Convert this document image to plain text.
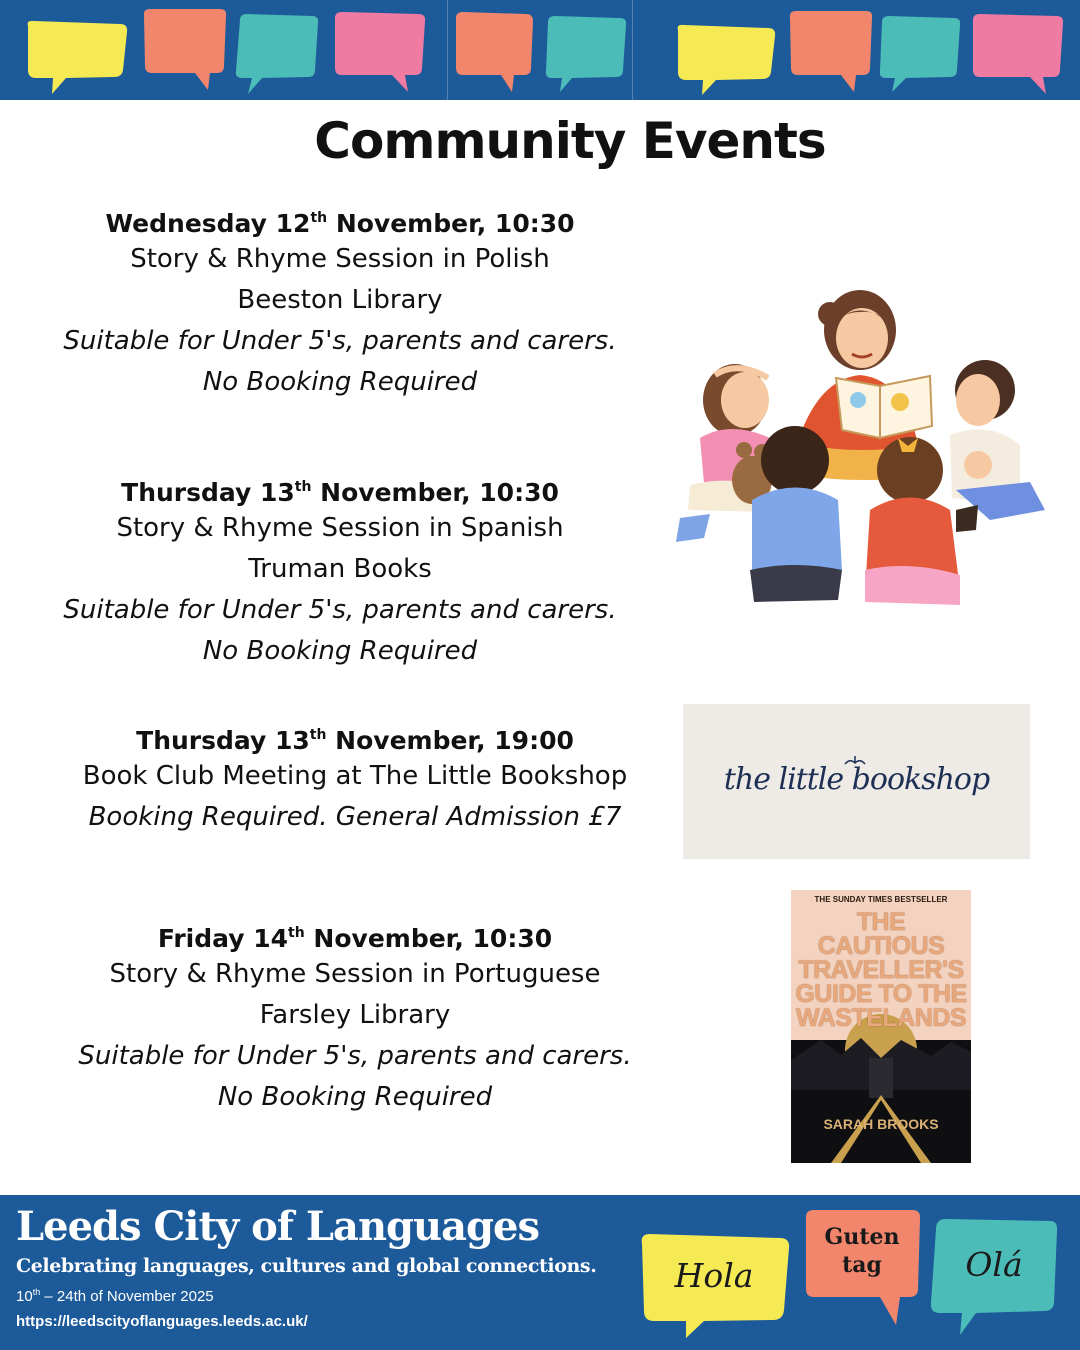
Community Events
Wednesday 12th November, 10:30
Story & Rhyme Session in Polish
Beeston Library
Suitable for Under 5's, parents and carers.
No Booking Required
Thursday 13th November, 10:30
Story & Rhyme Session in Spanish
Truman Books
Suitable for Under 5's, parents and carers.
No Booking Required
Thursday 13th November, 19:00
Book Club Meeting at The Little Bookshop
Booking Required. General Admission £7
Friday 14th November, 10:30
Story & Rhyme Session in Portuguese
Farsley Library
Suitable for Under 5's, parents and carers.
No Booking Required
the little bookshop
THE SUNDAY TIMES BESTSELLER
THE CAUTIOUS TRAVELLER'S GUIDE TO THE WASTELANDS
SARAH BROOKS
Leeds City of Languages
Celebrating languages, cultures and global connections.
10th – 24th of November 2025
https://leedscityoflanguages.leeds.ac.uk/
Hola
Guten tag	Olá
